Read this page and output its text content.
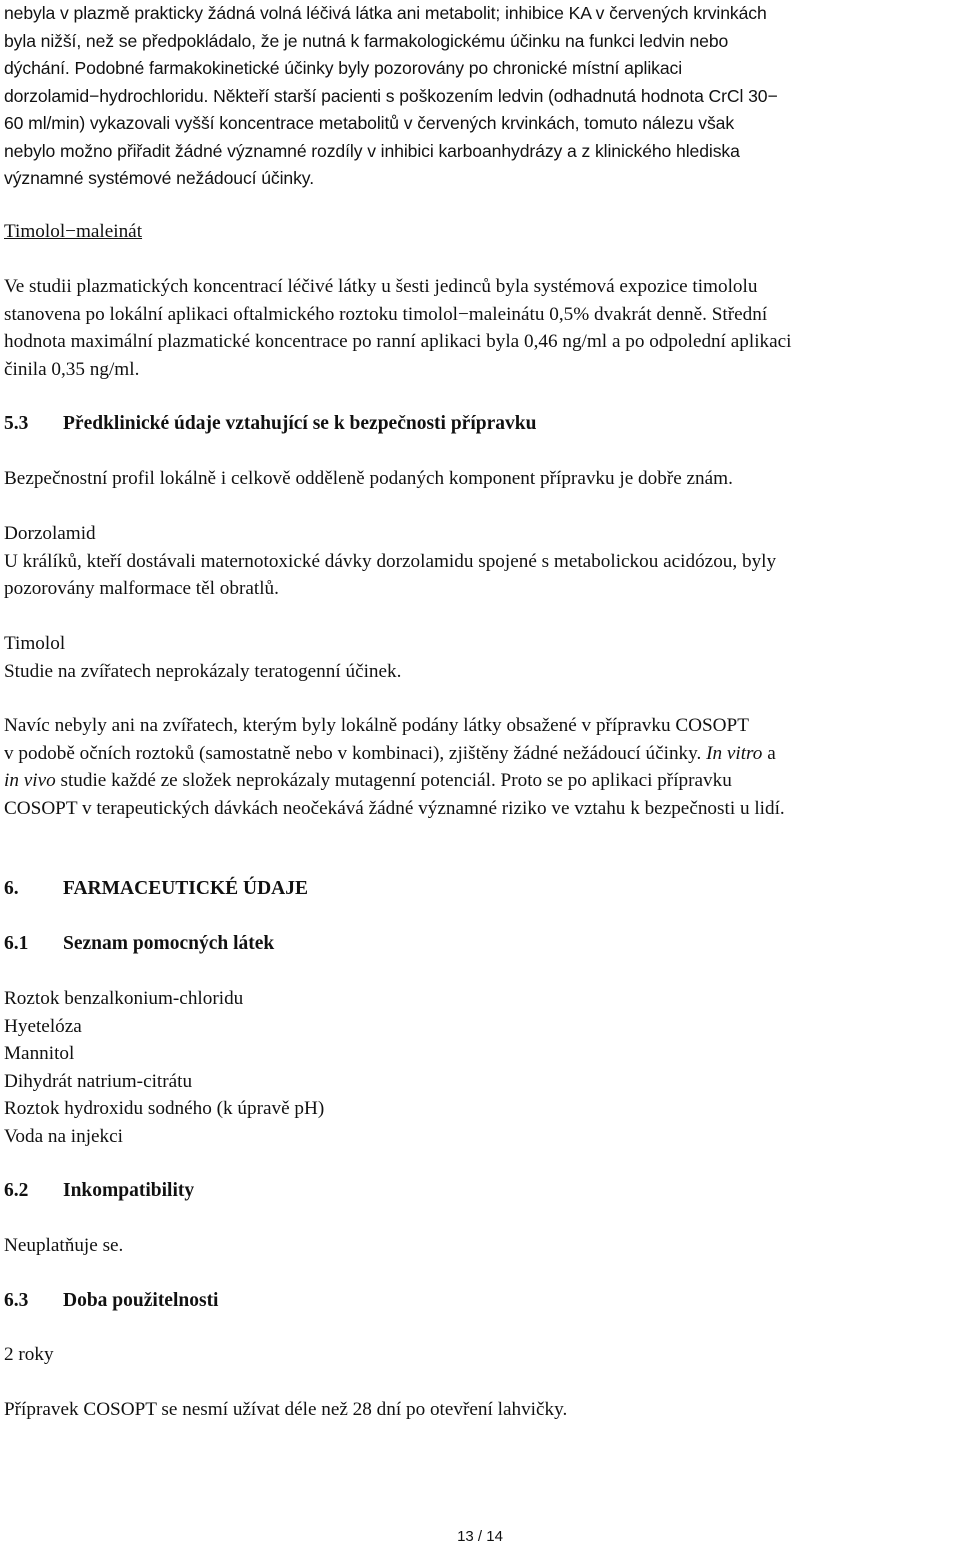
nebyla v plazmě prakticky žádná volná léčivá látka ani metabolit; inhibice KA v červených krvinkách
byla nižší, než se předpokládalo, že je nutná k farmakologickému účinku na funkci ledvin nebo
dýchání. Podobné farmakokinetické účinky byly pozorovány po chronické místní aplikaci
dorzolamid−hydrochloridu. Někteří starší pacienti s poškozením ledvin (odhadnutá hodnota CrCl 30−
60 ml/min) vykazovali vyšší koncentrace metabolitů v červených krvinkách, tomuto nálezu však
nebylo možno přiřadit žádné významné rozdíly v inhibici karboanhydrázy a z klinického hlediska
významné systémové nežádoucí účinky.
Timolol−maleinát
Ve studii plazmatických koncentrací léčivé látky u šesti jedinců byla systémová expozice timololu
stanovena po lokální aplikaci oftalmického roztoku timolol−maleinátu 0,5% dvakrát denně. Střední
hodnota maximální plazmatické koncentrace po ranní aplikaci byla 0,46 ng/ml a po odpolední aplikaci
činila 0,35 ng/ml.
5.3 Předklinické údaje vztahující se k bezpečnosti přípravku
Bezpečnostní profil lokálně i celkově odděleně podaných komponent přípravku je dobře znám.
Dorzolamid
U králíků, kteří dostávali maternotoxické dávky dorzolamidu spojené s metabolickou acidózou, byly
pozorovány malformace těl obratlů.
Timolol
Studie na zvířatech neprokázaly teratogenní účinek.
Navíc nebyly ani na zvířatech, kterým byly lokálně podány látky obsažené v přípravku COSOPT
v podobě očních roztoků (samostatně nebo v kombinaci), zjištěny žádné nežádoucí účinky. In vitro a
in vivo studie každé ze složek neprokázaly mutagenní potenciál. Proto se po aplikaci přípravku
COSOPT v terapeutických dávkách neočekává žádné významné riziko ve vztahu k bezpečnosti u lidí.
6. FARMACEUTICKÉ ÚDAJE
6.1 Seznam pomocných látek
Roztok benzalkonium-chloridu
Hyetelóza
Mannitol
Dihydrát natrium-citrátu
Roztok hydroxidu sodného (k úpravě pH)
Voda na injekci
6.2 Inkompatibility
Neuplatňuje se.
6.3 Doba použitelnosti
2 roky
Přípravek COSOPT se nesmí užívat déle než 28 dní po otevření lahvičky.
13 / 14
